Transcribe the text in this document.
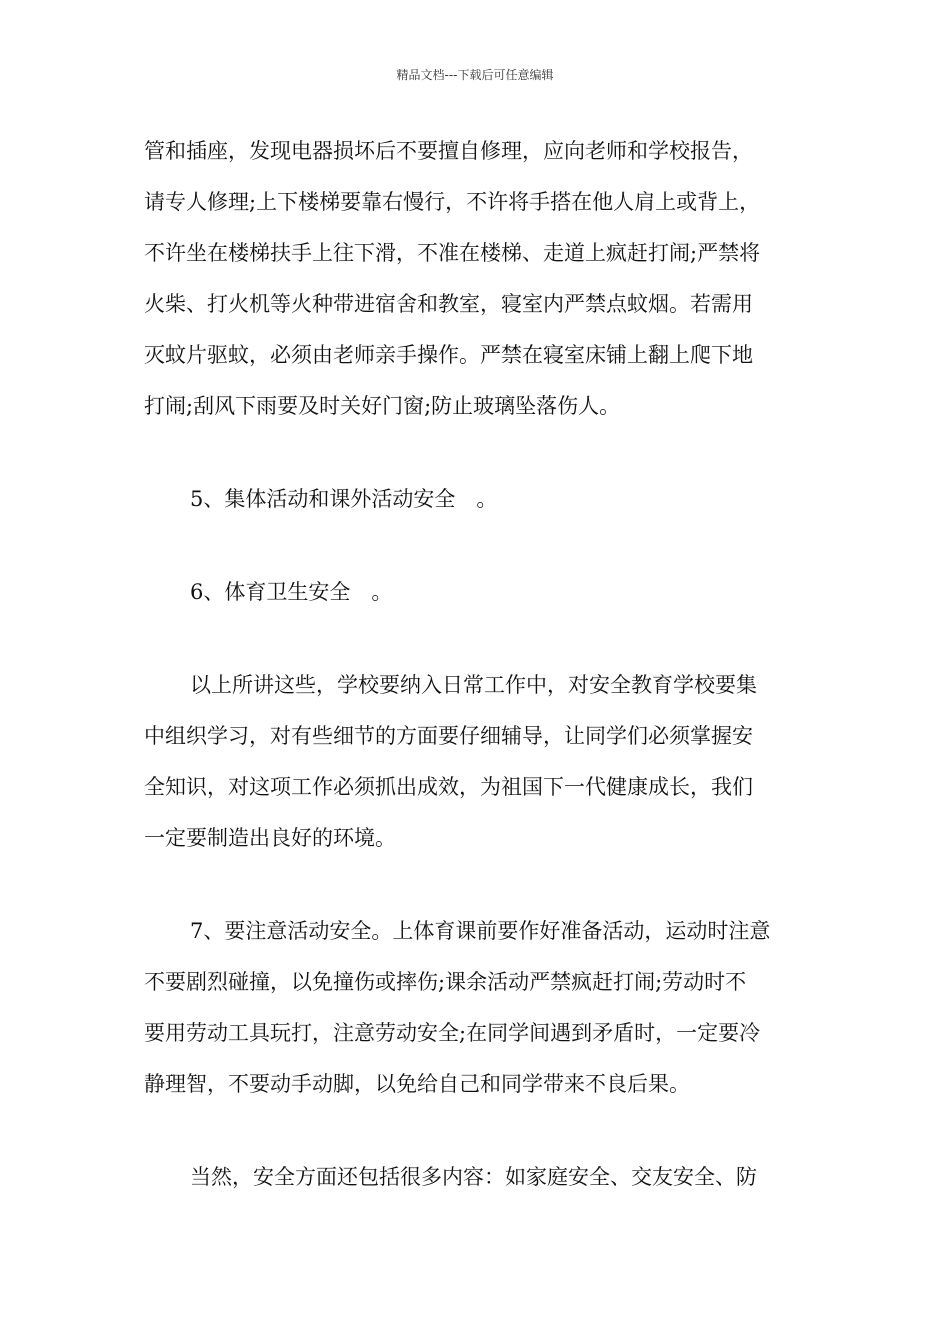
精品文档---下载后可任意编辑

管和插座，发现电器损坏后不要擅自修理，应向老师和学校报告，
请专人修理;上下楼梯要靠右慢行，不许将手搭在他人肩上或背上，
不许坐在楼梯扶手上往下滑，不准在楼梯、走道上疯赶打闹;严禁将
火柴、打火机等火种带进宿舍和教室，寝室内严禁点蚊烟。若需用
灭蚊片驱蚊，必须由老师亲手操作。严禁在寝室床铺上翻上爬下地
打闹;刮风下雨要及时关好门窗;防止玻璃坠落伤人。

5、集体活动和课外活动安全　。

6、体育卫生安全　。

以上所讲这些，学校要纳入日常工作中，对安全教育学校要集
中组织学习，对有些细节的方面要仔细辅导，让同学们必须掌握安
全知识，对这项工作必须抓出成效，为祖国下一代健康成长，我们
一定要制造出良好的环境。

7、要注意活动安全。上体育课前要作好准备活动，运动时注意
不要剧烈碰撞，以免撞伤或摔伤;课余活动严禁疯赶打闹;劳动时不
要用劳动工具玩打，注意劳动安全;在同学间遇到矛盾时，一定要冷
静理智，不要动手动脚，以免给自己和同学带来不良后果。

当然，安全方面还包括很多内容：如家庭安全、交友安全、防
